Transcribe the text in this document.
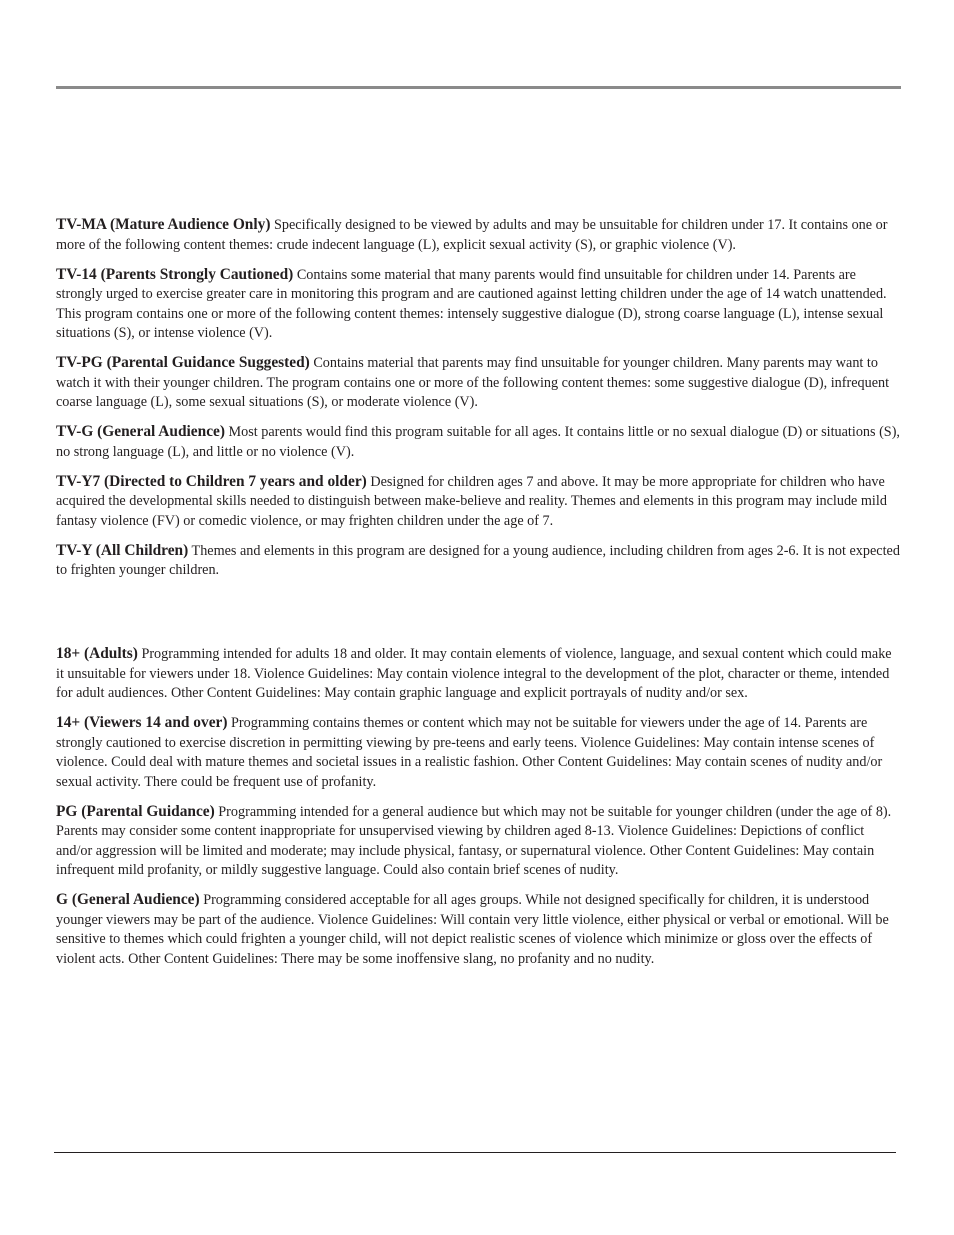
TV-MA (Mature Audience Only) Specifically designed to be viewed by adults and may be unsuitable for children under 17. It contains one or more of the following content themes: crude indecent language (L), explicit sexual activity (S), or graphic violence (V).

TV-14 (Parents Strongly Cautioned) Contains some material that many parents would find unsuitable for children under 14. Parents are strongly urged to exercise greater care in monitoring this program and are cautioned against letting children under the age of 14 watch unattended. This program contains one or more of the following content themes: intensely suggestive dialogue (D), strong coarse language (L), intense sexual situations (S), or intense violence (V).

TV-PG (Parental Guidance Suggested) Contains material that parents may find unsuitable for younger children. Many parents may want to watch it with their younger children. The program contains one or more of the following content themes: some suggestive dialogue (D), infrequent coarse language (L), some sexual situations (S), or moderate violence (V).

TV-G (General Audience) Most parents would find this program suitable for all ages. It contains little or no sexual dialogue (D) or situations (S), no strong language (L), and little or no violence (V).

TV-Y7 (Directed to Children 7 years and older) Designed for children ages 7 and above. It may be more appropriate for children who have acquired the developmental skills needed to distinguish between make-believe and reality. Themes and elements in this program may include mild fantasy violence (FV) or comedic violence, or may frighten children under the age of 7.

TV-Y (All Children) Themes and elements in this program are designed for a young audience, including children from ages 2-6. It is not expected to frighten younger children.

18+ (Adults) Programming intended for adults 18 and older. It may contain elements of violence, language, and sexual content which could make it unsuitable for viewers under 18. Violence Guidelines: May contain violence integral to the development of the plot, character or theme, intended for adult audiences. Other Content Guidelines: May contain graphic language and explicit portrayals of nudity and/or sex.

14+ (Viewers 14 and over) Programming contains themes or content which may not be suitable for viewers under the age of 14. Parents are strongly cautioned to exercise discretion in permitting viewing by pre-teens and early teens. Violence Guidelines: May contain intense scenes of violence. Could deal with mature themes and societal issues in a realistic fashion. Other Content Guidelines: May contain scenes of nudity and/or sexual activity. There could be frequent use of profanity.

PG (Parental Guidance) Programming intended for a general audience but which may not be suitable for younger children (under the age of 8). Parents may consider some content inappropriate for unsupervised viewing by children aged 8-13. Violence Guidelines: Depictions of conflict and/or aggression will be limited and moderate; may include physical, fantasy, or supernatural violence. Other Content Guidelines: May contain infrequent mild profanity, or mildly suggestive language. Could also contain brief scenes of nudity.

G (General Audience) Programming considered acceptable for all ages groups. While not designed specifically for children, it is understood younger viewers may be part of the audience. Violence Guidelines: Will contain very little violence, either physical or verbal or emotional. Will be sensitive to themes which could frighten a younger child, will not depict realistic scenes of violence which minimize or gloss over the effects of violent acts. Other Content Guidelines: There may be some inoffensive slang, no profanity and no nudity.
